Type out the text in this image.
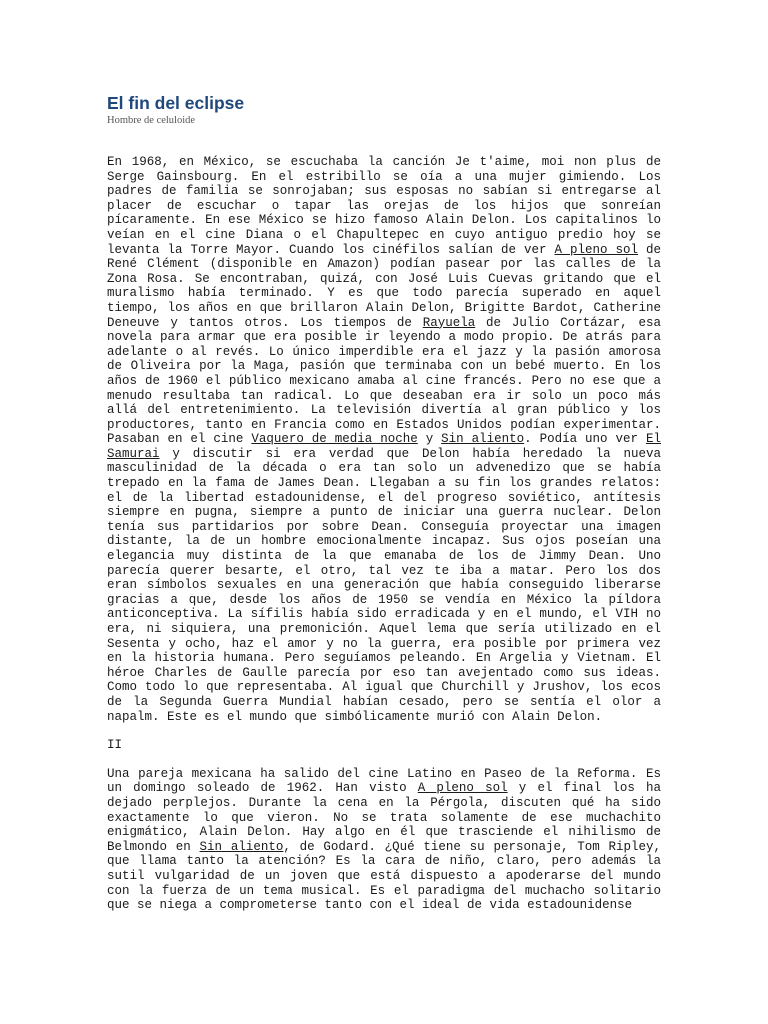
El fin del eclipse

Hombre de celuloide

En 1968, en México, se escuchaba la canción Je t'aime, moi non plus de Serge Gainsbourg. En el estribillo se oía a una mujer gimiendo. Los padres de familia se sonrojaban; sus esposas no sabían si entregarse al placer de escuchar o tapar las orejas de los hijos que sonreían pícaramente. En ese México se hizo famoso Alain Delon. Los capitalinos lo veían en el cine Diana o el Chapultepec en cuyo antiguo predio hoy se levanta la Torre Mayor. Cuando los cinéfilos salían de ver A pleno sol de René Clément (disponible en Amazon) podían pasear por las calles de la Zona Rosa. Se encontraban, quizá, con José Luis Cuevas gritando que el muralismo había terminado. Y es que todo parecía superado en aquel tiempo, los años en que brillaron Alain Delon, Brigitte Bardot, Catherine Deneuve y tantos otros. Los tiempos de Rayuela de Julio Cortázar, esa novela para armar que era posible ir leyendo a modo propio. De atrás para adelante o al revés. Lo único imperdible era el jazz y la pasión amorosa de Oliveira por la Maga, pasión que terminaba con un bebé muerto. En los años de 1960 el público mexicano amaba al cine francés. Pero no ese que a menudo resultaba tan radical. Lo que deseaban era ir solo un poco más allá del entretenimiento. La televisión divertía al gran público y los productores, tanto en Francia como en Estados Unidos podían experimentar. Pasaban en el cine Vaquero de media noche y Sin aliento. Podía uno ver El Samurai y discutir si era verdad que Delon había heredado la nueva masculinidad de la década o era tan solo un advenedizo que se había trepado en la fama de James Dean. Llegaban a su fin los grandes relatos: el de la libertad estadounidense, el del progreso soviético, antítesis siempre en pugna, siempre a punto de iniciar una guerra nuclear. Delon tenía sus partidarios por sobre Dean. Conseguía proyectar una imagen distante, la de un hombre emocionalmente incapaz. Sus ojos poseían una elegancia muy distinta de la que emanaba de los de Jimmy Dean. Uno parecía querer besarte, el otro, tal vez te iba a matar. Pero los dos eran símbolos sexuales en una generación que había conseguido liberarse gracias a que, desde los años de 1950 se vendía en México la píldora anticonceptiva. La sífilis había sido erradicada y en el mundo, el VIH no era, ni siquiera, una premonición. Aquel lema que sería utilizado en el Sesenta y ocho, haz el amor y no la guerra, era posible por primera vez en la historia humana. Pero seguíamos peleando. En Argelia y Vietnam. El héroe Charles de Gaulle parecía por eso tan avejentado como sus ideas. Como todo lo que representaba. Al igual que Churchill y Jrushov, los ecos de la Segunda Guerra Mundial habían cesado, pero se sentía el olor a napalm. Este es el mundo que simbólicamente murió con Alain Delon.

II

Una pareja mexicana ha salido del cine Latino en Paseo de la Reforma. Es un domingo soleado de 1962. Han visto A pleno sol y el final los ha dejado perplejos. Durante la cena en la Pérgola, discuten qué ha sido exactamente lo que vieron. No se trata solamente de ese muchachito enigmático, Alain Delon. Hay algo en él que trasciende el nihilismo de Belmondo en Sin aliento, de Godard. ¿Qué tiene su personaje, Tom Ripley, que llama tanto la atención? Es la cara de niño, claro, pero además la sutil vulgaridad de un joven que está dispuesto a apoderarse del mundo con la fuerza de un tema musical. Es el paradigma del muchacho solitario que se niega a comprometerse tanto con el ideal de vida estadounidense
